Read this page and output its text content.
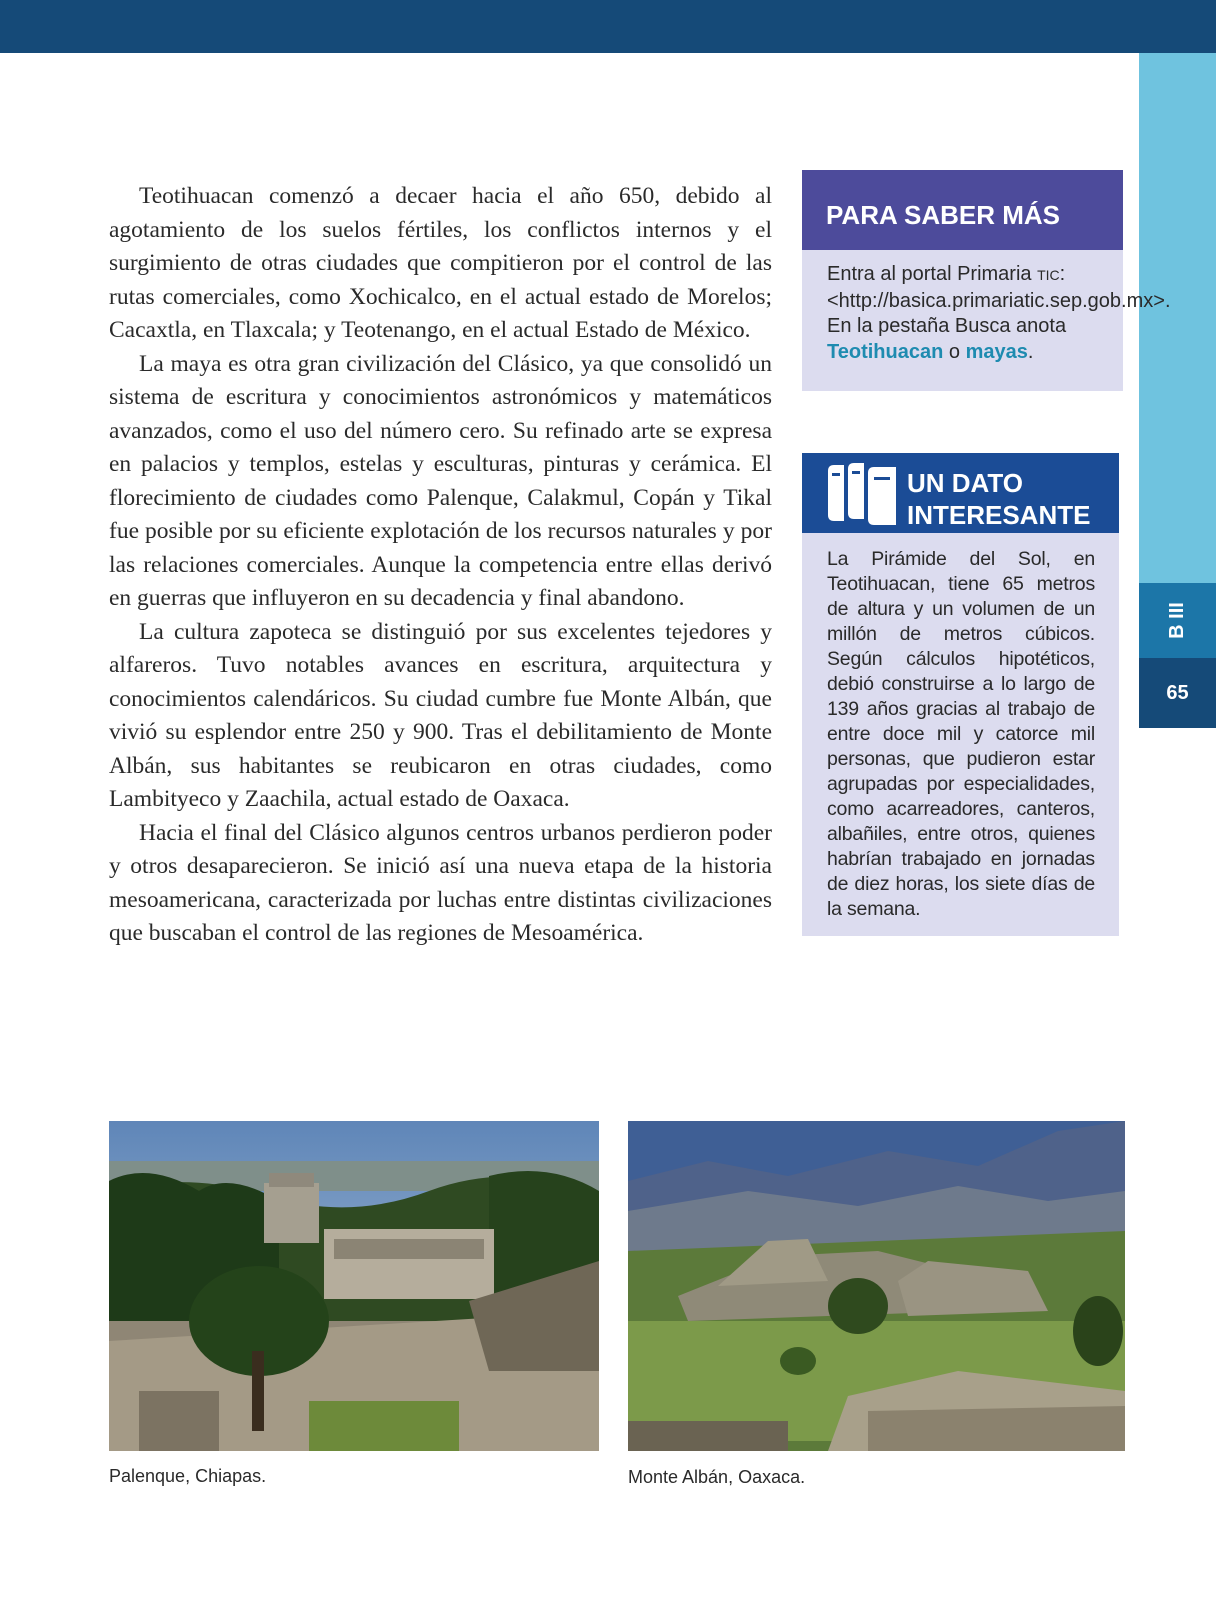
B III
65

Teotihuacan comenzó a decaer hacia el año 650, debido al agotamiento de los suelos fértiles, los conflictos internos y el surgimiento de otras ciudades que compitieron por el control de las rutas comerciales, como Xochicalco, en el actual estado de Morelos; Cacaxtla, en Tlaxcala; y Teotenango, en el actual Estado de México.

La maya es otra gran civilización del Clásico, ya que consolidó un sistema de escritura y conocimientos astronómicos y matemáticos avanzados, como el uso del número cero. Su refinado arte se expresa en palacios y templos, estelas y esculturas, pinturas y cerámica. El florecimiento de ciudades como Palenque, Calakmul, Copán y Tikal fue posible por su eficiente explotación de los recursos naturales y por las relaciones comerciales. Aunque la competencia entre ellas derivó en guerras que influyeron en su decadencia y final abandono.

La cultura zapoteca se distinguió por sus excelentes tejedores y alfareros. Tuvo notables avances en escritura, arquitectura y conocimientos calendáricos. Su ciudad cumbre fue Monte Albán, que vivió su esplendor entre 250 y 900. Tras el debilitamiento de Monte Albán, sus habitantes se reubicaron en otras ciudades, como Lambityeco y Zaachila, actual estado de Oaxaca.

Hacia el final del Clásico algunos centros urbanos perdieron poder y otros desaparecieron. Se inició así una nueva etapa de la historia mesoamericana, caracterizada por luchas entre distintas civilizaciones que buscaban el control de las regiones de Mesoamérica.

PARA SABER MÁS
Entra al portal Primaria TIC: <http://basica.primariatic.sep.gob.mx>. En la pestaña Busca anota Teotihuacan o mayas.
UN DATO
INTERESANTE
La Pirámide del Sol, en Teotihuacan, tiene 65 metros de altura y un volumen de un millón de metros cúbicos. Según cálculos hipotéticos, debió construirse a lo largo de 139 años gracias al trabajo de entre doce mil y catorce mil personas, que pudieron estar agrupadas por especialidades, como acarreadores, canteros, albañiles, entre otros, quienes habrían trabajado en jornadas de diez horas, los siete días de la semana.
Palenque, Chiapas.	Monte Albán, Oaxaca.
